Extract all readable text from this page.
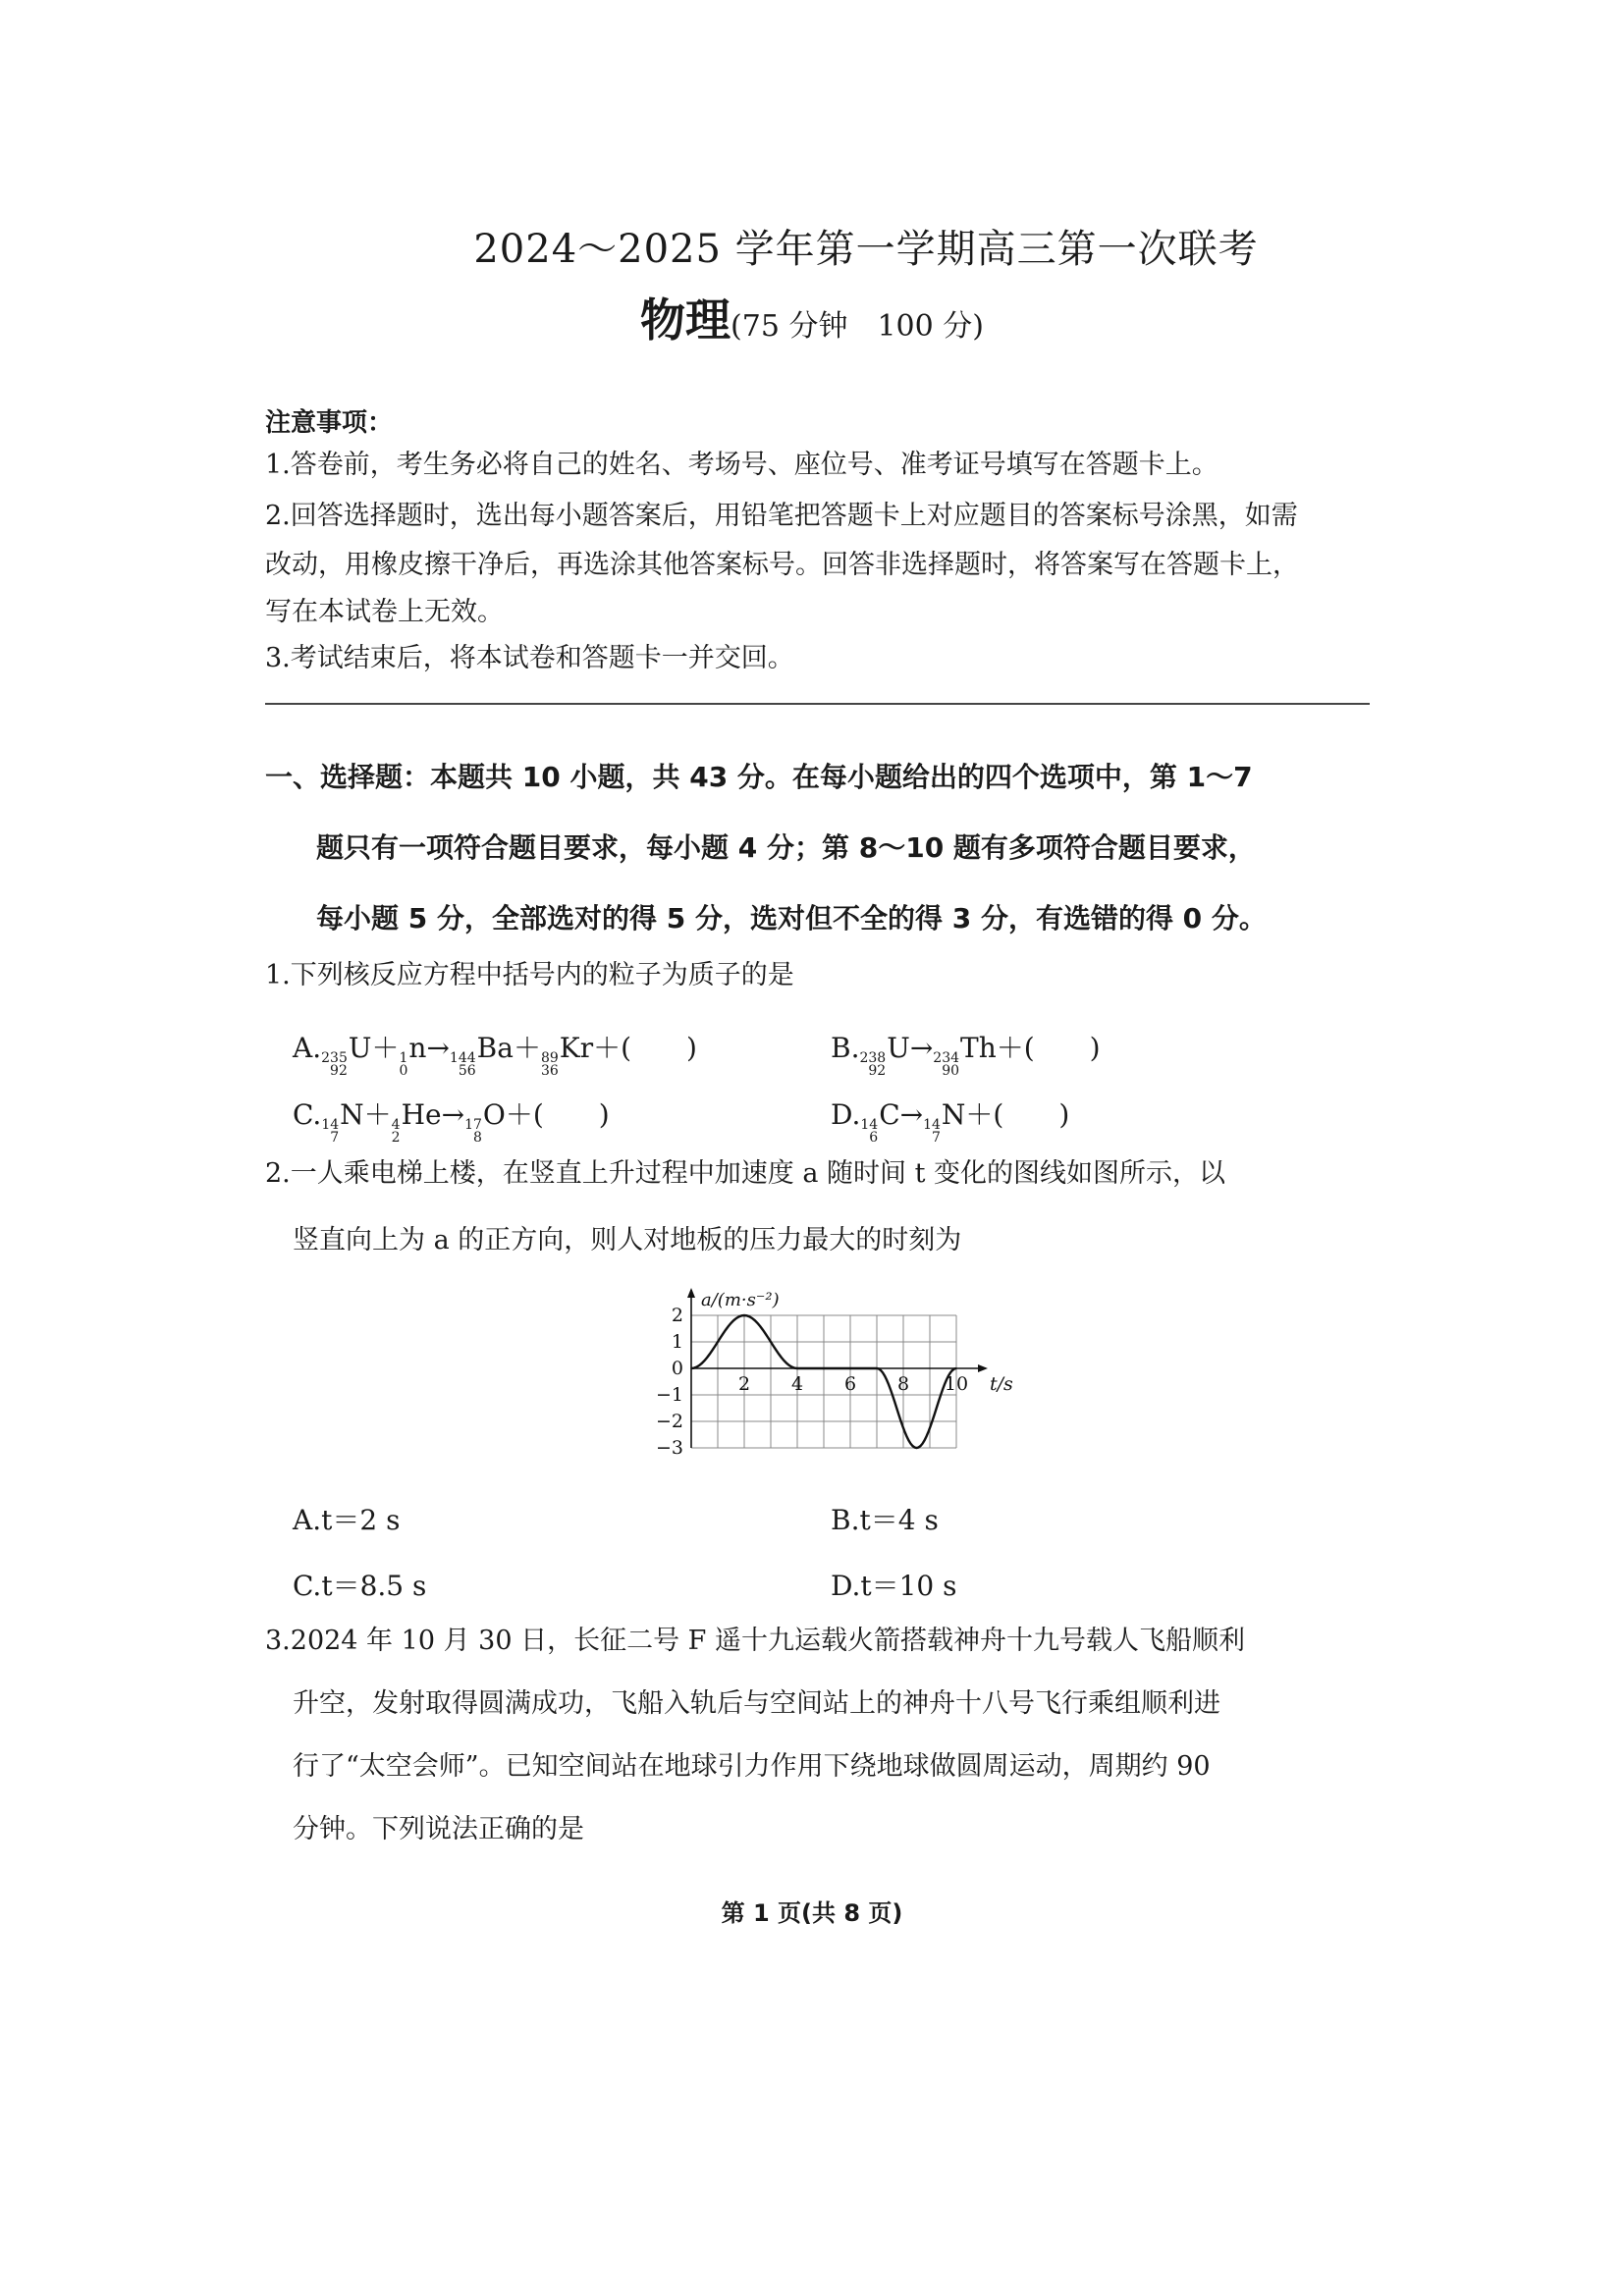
2024～2025 学年第一学期高三第一次联考
物理(75 分钟　100 分)
注意事项：
1.答卷前，考生务必将自己的姓名、考场号、座位号、准考证号填写在答题卡上。
2.回答选择题时，选出每小题答案后，用铅笔把答题卡上对应题目的答案标号涂黑，如需
改动，用橡皮擦干净后，再选涂其他答案标号。回答非选择题时，将答案写在答题卡上，
写在本试卷上无效。
3.考试结束后，将本试卷和答题卡一并交回。
一、选择题：本题共 10 小题，共 43 分。在每小题给出的四个选项中，第 1～7
题只有一项符合题目要求，每小题 4 分；第 8～10 题有多项符合题目要求，
每小题 5 分，全部选对的得 5 分，选对但不全的得 3 分，有选错的得 0 分。
1.下列核反应方程中括号内的粒子为质子的是
A. 235
92
U＋ 1
0
n→ 144
56
Ba＋ 89
36
Kr＋(　　)	B. 238
92
U→ 234
90
Th＋(　　)
C. 14
7
N＋ 4
2
He→ 17
8
O＋(　　)	D. 14
6
C→ 14
7
N＋(　　)
2.一人乘电梯上楼，在竖直上升过程中加速度 a 随时间 t 变化的图线如图所示，以
竖直向上为 a 的正方向，则人对地板的压力最大的时刻为
2 4 6 8 10
2
1
0
−1
−2
−3
a/(m·s⁻²)
t/s
A.t＝2 s	B.t＝4 s
C.t＝8.5 s	D.t＝10 s
3.2024 年 10 月 30 日，长征二号 F 遥十九运载火箭搭载神舟十九号载人飞船顺利
升空，发射取得圆满成功，飞船入轨后与空间站上的神舟十八号飞行乘组顺利进
行了“太空会师”。已知空间站在地球引力作用下绕地球做圆周运动，周期约 90
分钟。下列说法正确的是
第 1 页(共 8 页)
